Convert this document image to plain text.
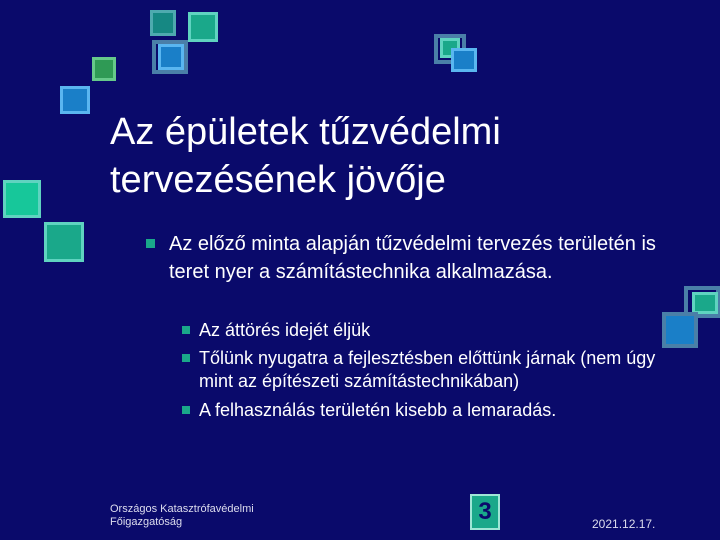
Az épületek tűzvédelmi
tervezésének jövője
Az előző minta alapján tűzvédelmi tervezés területén is teret nyer a számítástechnika alkalmazása.
Az áttörés idejét éljük
Tőlünk nyugatra a fejlesztésben előttünk járnak (nem úgy mint az építészeti számítástechnikában)
A felhasználás területén kisebb a lemaradás.
Országos Katasztrófavédelmi
Főigazgatóság	3	2021.12.17.
